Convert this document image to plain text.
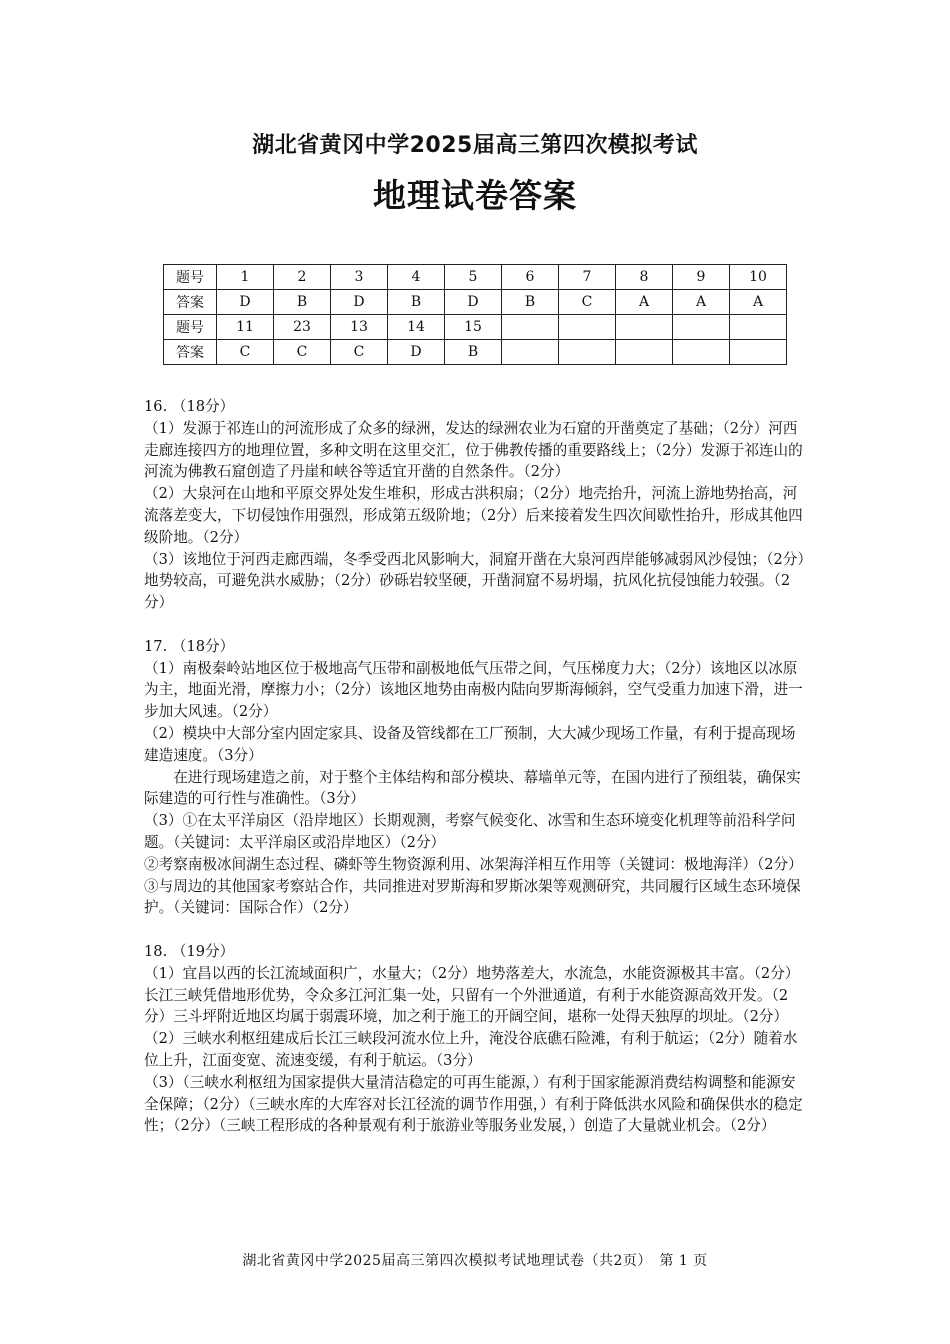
湖北省黄冈中学2025届高三第四次模拟考试
地理试卷答案
题号	1	2	3	4	5	6	7	8	9	10
答案	D	B	D	B	D	B	C	A	A	A
题号	11	23	13	14	15					
答案	C	C	C	D	B					

16. （18分）

（1）发源于祁连山的河流形成了众多的绿洲，发达的绿洲农业为石窟的开凿奠定了基础；（2分）河西走廊连接四方的地理位置，多种文明在这里交汇，位于佛教传播的重要路线上；（2分）发源于祁连山的河流为佛教石窟创造了丹崖和峡谷等适宜开凿的自然条件。（2分）

（2）大泉河在山地和平原交界处发生堆积，形成古洪积扇；（2分）地壳抬升，河流上游地势抬高，河流落差变大，下切侵蚀作用强烈，形成第五级阶地；（2分）后来接着发生四次间歇性抬升，形成其他四级阶地。（2分）

（3）该地位于河西走廊西端，冬季受西北风影响大，洞窟开凿在大泉河西岸能够减弱风沙侵蚀；（2分）地势较高，可避免洪水威胁；（2分）砂砾岩较坚硬，开凿洞窟不易坍塌，抗风化抗侵蚀能力较强。（2分）

17. （18分）

（1）南极秦岭站地区位于极地高气压带和副极地低气压带之间，气压梯度力大；（2分）该地区以冰原为主，地面光滑，摩擦力小；（2分）该地区地势由南极内陆向罗斯海倾斜，空气受重力加速下滑，进一步加大风速。（2分）

（2）模块中大部分室内固定家具、设备及管线都在工厂预制，大大减少现场工作量，有利于提高现场建造速度。（3分）

在进行现场建造之前，对于整个主体结构和部分模块、幕墙单元等，在国内进行了预组装，确保实际建造的可行性与准确性。（3分）

（3）①在太平洋扇区（沿岸地区）长期观测，考察气候变化、冰雪和生态环境变化机理等前沿科学问题。（关键词：太平洋扇区或沿岸地区）（2分）

②考察南极冰间湖生态过程、磷虾等生物资源利用、冰架海洋相互作用等（关键词：极地海洋）（2分）

③与周边的其他国家考察站合作，共同推进对罗斯海和罗斯冰架等观测研究，共同履行区域生态环境保护。（关键词：国际合作）（2分）

18. （19分）

（1）宜昌以西的长江流域面积广，水量大；（2分）地势落差大，水流急，水能资源极其丰富。（2分）长江三峡凭借地形优势，令众多江河汇集一处，只留有一个外泄通道，有利于水能资源高效开发。（2分）三斗坪附近地区均属于弱震环境，加之利于施工的开阔空间，堪称一处得天独厚的坝址。（2分）

（2）三峡水利枢纽建成后长江三峡段河流水位上升，淹没谷底礁石险滩，有利于航运；（2分）随着水位上升，江面变宽、流速变缓，有利于航运。（3分）

（3）（三峡水利枢纽为国家提供大量清洁稳定的可再生能源，）有利于国家能源消费结构调整和能源安全保障；（2分）（三峡水库的大库容对长江径流的调节作用强，）有利于降低洪水风险和确保供水的稳定性；（2分）（三峡工程形成的各种景观有利于旅游业等服务业发展，）创造了大量就业机会。（2分）

湖北省黄冈中学2025届高三第四次模拟考试地理试卷（共2页）　第 1 页
